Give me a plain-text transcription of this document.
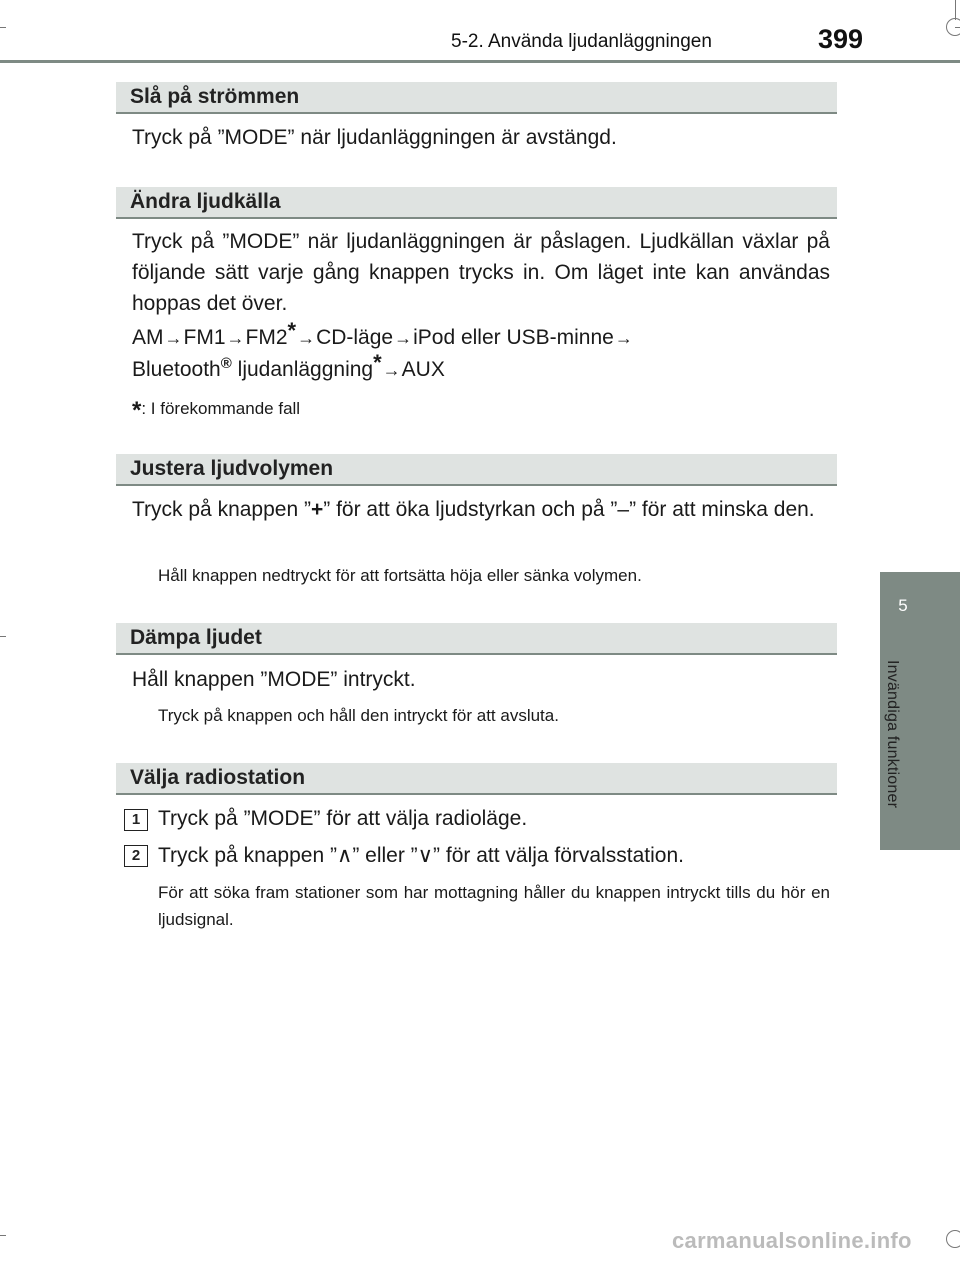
5-2. Använda ljudanläggningen	399
5
Invändiga funktioner
Slå på strömmen

Tryck på ”MODE” när ljudanläggningen är avstängd.

Ändra ljudkälla

Tryck på ”MODE” när ljudanläggningen är påslagen. Ljudkällan växlar på följande sätt varje gång knappen trycks in. Om läget inte kan användas hoppas det över.

AM→FM1→FM2*→CD-läge→iPod eller USB-minne→
Bluetooth® ljudanläggning*→AUX

*: I förekommande fall
Justera ljudvolymen

Tryck på knappen ”+” för att öka ljudstyrkan och på ”–” för att minska den.

Håll knappen nedtryckt för att fortsätta höja eller sänka volymen.

Dämpa ljudet

Håll knappen ”MODE” intryckt.

Tryck på knappen och håll den intryckt för att avsluta.

Välja radiostation
1 Tryck på ”MODE” för att välja radioläge.
2 Tryck på knappen ”∧” eller ”∨” för att välja förvalsstation.

För att söka fram stationer som har mottagning håller du knappen intryckt tills du hör en ljudsignal.

carmanualsonline.info
